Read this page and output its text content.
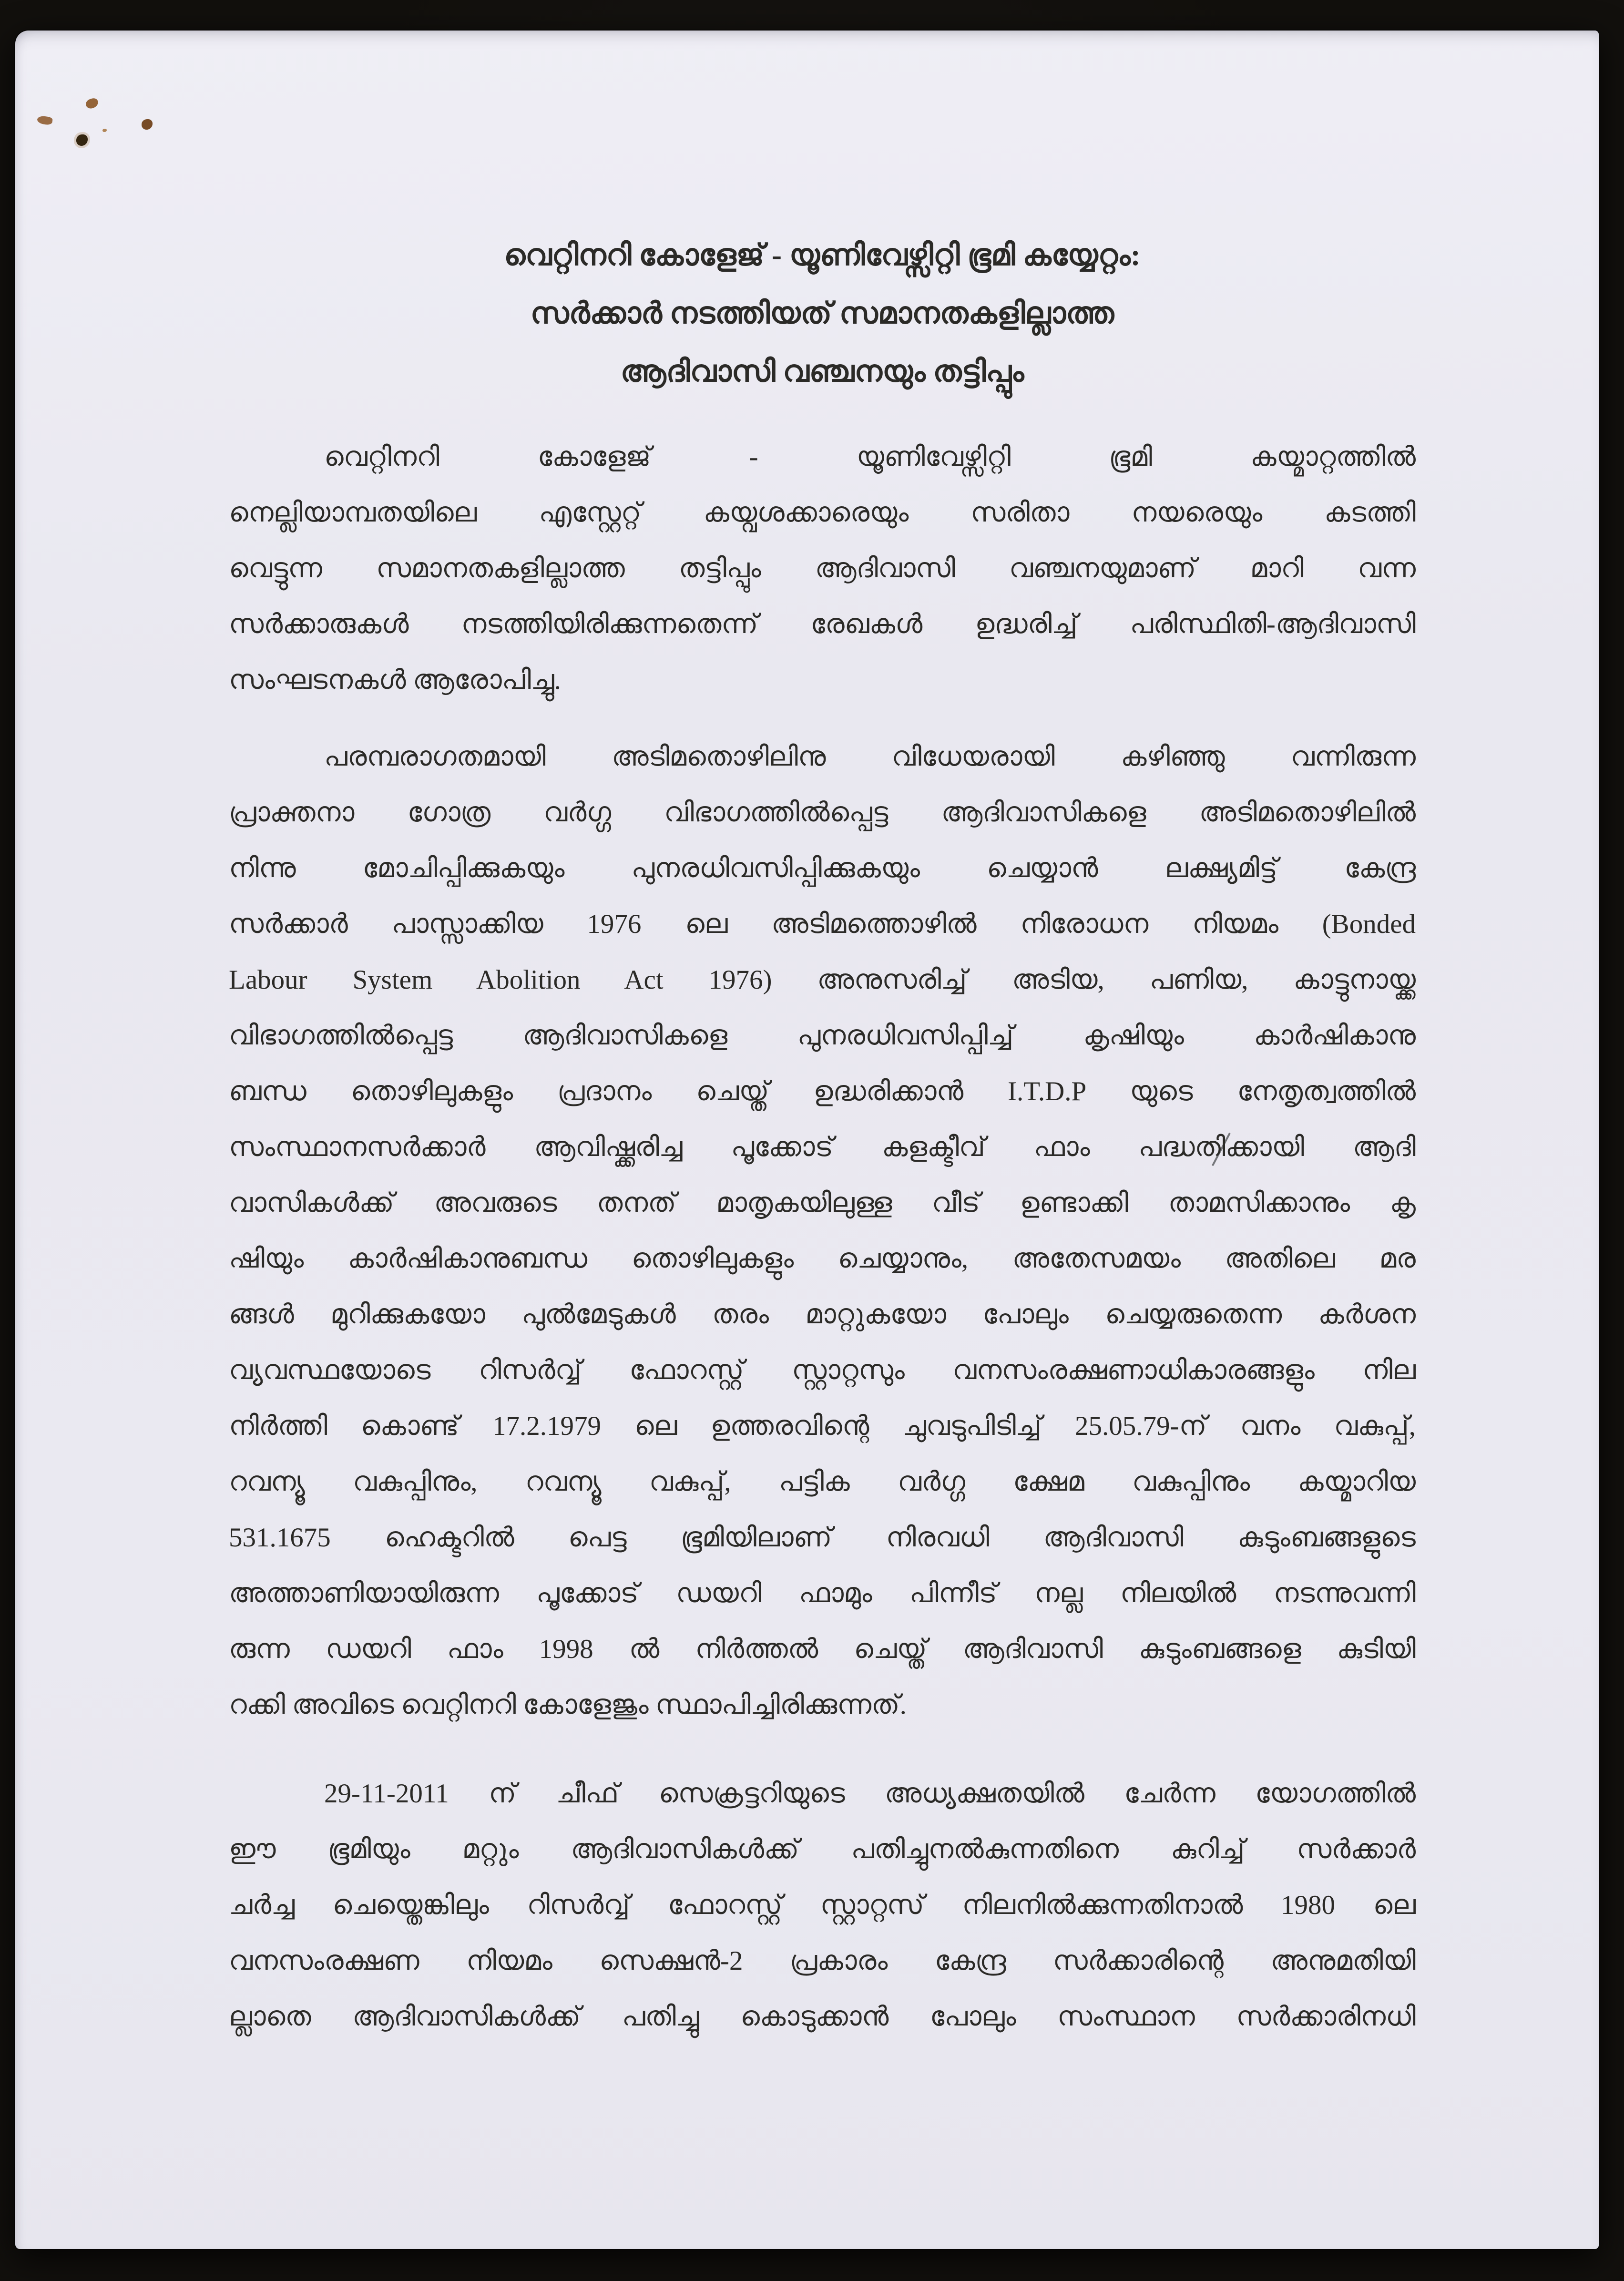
വെറ്റിനറി കോളേജ് - യൂണിവേഴ്സിറ്റി ഭൂമി കയ്യേറ്റം:
സർക്കാർ നടത്തിയത് സമാനതകളില്ലാത്ത
ആദിവാസി വഞ്ചനയും തട്ടിപ്പും
വെറ്റിനറി കോളേജ് - യൂണിവേഴ്സിറ്റി ഭൂമി കയ്മാറ്റത്തിൽ
നെല്ലിയാമ്പതയിലെ എസ്റ്റേറ്റ് കയ്വശക്കാരെയും സരിതാ നയരെയും കടത്തി
വെട്ടുന്ന സമാനതകളില്ലാത്ത തട്ടിപ്പും ആദിവാസി വഞ്ചനയുമാണ് മാറി വന്ന
സർക്കാരുകൾ നടത്തിയിരിക്കുന്നതെന്ന് രേഖകൾ ഉദ്ധരിച്ച് പരിസ്ഥിതി-ആദിവാസി
സംഘടനകൾ ആരോപിച്ചു.
പരമ്പരാഗതമായി അടിമതൊഴിലിനു വിധേയരായി കഴിഞ്ഞു വന്നിരുന്ന
പ്രാക്തനാ ഗോത്ര വർഗ്ഗ വിഭാഗത്തിൽപ്പെട്ട ആദിവാസികളെ അടിമതൊഴിലിൽ
നിന്നു മോചിപ്പിക്കുകയും പുനരധിവസിപ്പിക്കുകയും ചെയ്യാൻ ലക്ഷ്യമിട്ട് കേന്ദ്ര
സർക്കാർ പാസ്സാക്കിയ 1976 ലെ അടിമത്തൊഴിൽ നിരോധന നിയമം (Bonded
Labour System Abolition Act 1976) അനുസരിച്ച് അടിയ, പണിയ, കാട്ടുനായ്ക്ക
വിഭാഗത്തിൽപ്പെട്ട ആദിവാസികളെ പുനരധിവസിപ്പിച്ച് കൃഷിയും കാർഷികാനു
ബന്ധ തൊഴിലുകളും പ്രദാനം ചെയ്ത് ഉദ്ധരിക്കാൻ I.T.D.P യുടെ നേതൃത്വത്തിൽ
സംസ്ഥാനസർക്കാർ ആവിഷ്ക്കരിച്ച പൂക്കോട് കളക്ടീവ് ഫാം പദ്ധതിക്കായി ആദി
വാസികൾക്ക് അവരുടെ തനത് മാതൃകയിലുള്ള വീട് ഉണ്ടാക്കി താമസിക്കാനും കൃ
ഷിയും കാർഷികാനുബന്ധ തൊഴിലുകളും ചെയ്യാനും, അതേസമയം അതിലെ മര
ങ്ങൾ മുറിക്കുകയോ പുൽമേടുകൾ തരം മാറ്റുകയോ പോലും ചെയ്യരുതെന്ന കർശന
വ്യവസ്ഥയോടെ റിസർവ്വ് ഫോറസ്റ്റ് സ്റ്റാറ്റസും വനസംരക്ഷണാധികാരങ്ങളും നില
നിർത്തി കൊണ്ട് 17.2.1979 ലെ ഉത്തരവിന്റെ ചുവടുപിടിച്ച് 25.05.79-ന് വനം വകുപ്പ്,
റവന്യൂ വകുപ്പിനും, റവന്യൂ വകുപ്പ്, പട്ടിക വർഗ്ഗ ക്ഷേമ വകുപ്പിനും കയ്മാറിയ
531.1675 ഹെക്ടറിൽ പെട്ട ഭൂമിയിലാണ് നിരവധി ആദിവാസി കുടുംബങ്ങളുടെ
അത്താണിയായിരുന്ന പൂക്കോട് ഡയറി ഫാമും പിന്നീട് നല്ല നിലയിൽ നടന്നുവന്നി
രുന്ന ഡയറി ഫാം 1998 ൽ നിർത്തൽ ചെയ്ത് ആദിവാസി കുടുംബങ്ങളെ കുടിയി
റക്കി അവിടെ വെറ്റിനറി കോളേജും സ്ഥാപിച്ചിരിക്കുന്നത്.
29-11-2011 ന് ചീഫ് സെക്രട്ടറിയുടെ അധ്യക്ഷതയിൽ ചേർന്ന യോഗത്തിൽ
ഈ ഭൂമിയും മറ്റും ആദിവാസികൾക്ക് പതിച്ചുനൽകുന്നതിനെ കുറിച്ച് സർക്കാർ
ചർച്ച ചെയ്തെങ്കിലും റിസർവ്വ് ഫോറസ്റ്റ് സ്റ്റാറ്റസ് നിലനിൽക്കുന്നതിനാൽ 1980 ലെ
വനസംരക്ഷണ നിയമം സെക്ഷൻ-2 പ്രകാരം കേന്ദ്ര സർക്കാരിന്റെ അനുമതിയി
ല്ലാതെ ആദിവാസികൾക്ക് പതിച്ചു കൊടുക്കാൻ പോലും സംസ്ഥാന സർക്കാരിനധി
